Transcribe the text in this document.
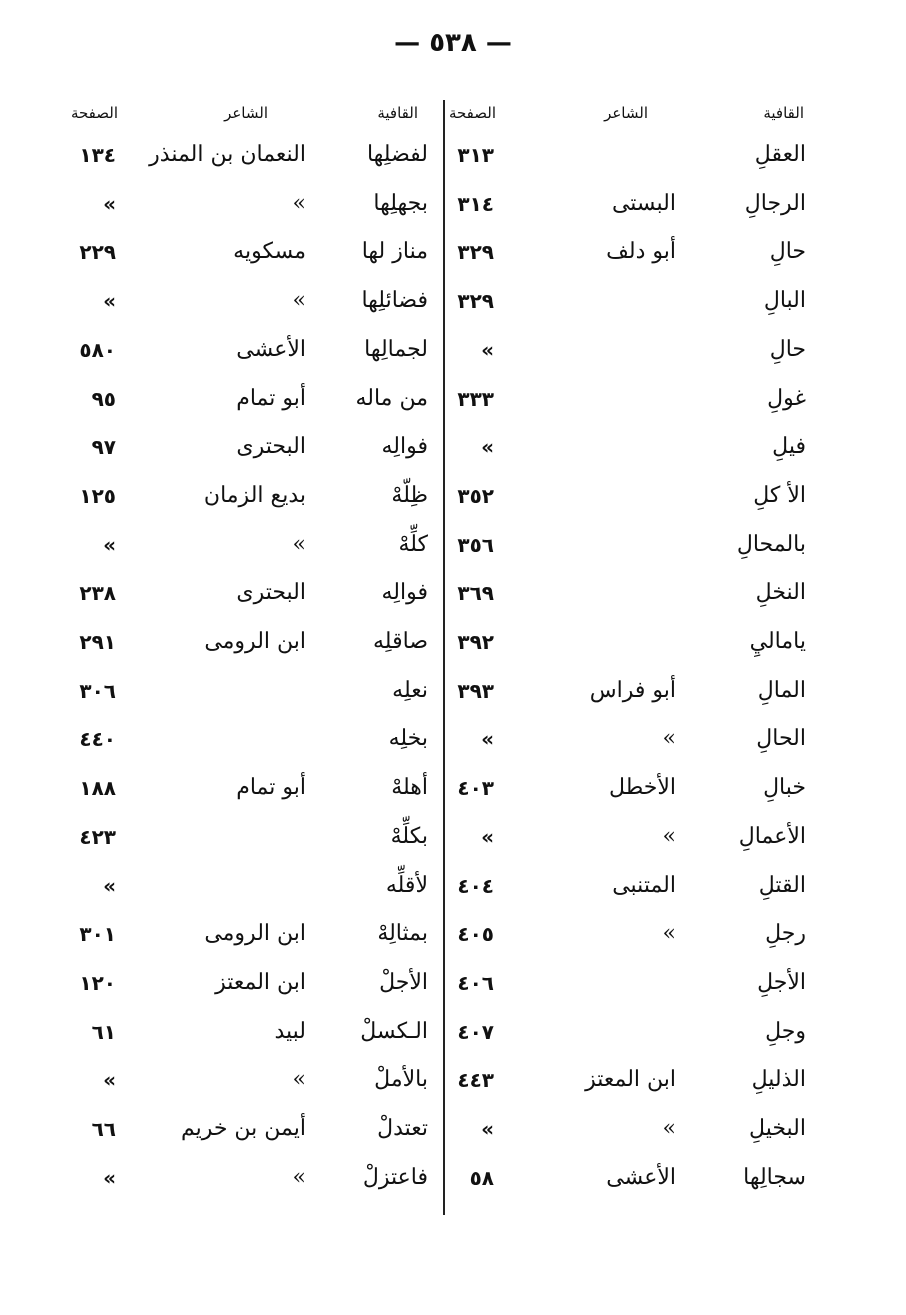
— ٥٣٨ —
القافية
الشاعر
الصفحة
القافية
الشاعر
الصفحة
العقلِ
٣١٣
الرجالِ
البستى
٣١٤
حالِ
أبو دلف
٣٢٩
البالِ
٣٢٩
حالِ
»
غولِ
٣٣٣
فيلِ
»
الأ كلِ
٣٥٢
بالمحالِ
٣٥٦
النخلِ
٣٦٩
ياماليِ
٣٩٢
المالِ
أبو فراس
٣٩٣
الحالِ
»
»
خبالِ
الأخطل
٤٠٣
الأعمالِ
»
»
القتلِ
المتنبى
٤٠٤
رجلِ
»
٤٠٥
الأجلِ
٤٠٦
وجلِ
٤٠٧
الذليلِ
ابن المعتز
٤٤٣
البخيلِ
»
»
سجالِها
الأعشى
٥٨
لفضلِها
النعمان بن المنذر
١٣٤
بجهلِها
»
»
مناز لها
مسكويه
٢٢٩
فضائلِها
»
»
لجمالِها
الأعشى
٥٨٠
من ماله
أبو تمام
٩٥
فوالِه
البحترى
٩٧
ظِلّهْ
بديع الزمان
١٢٥
كلِّهْ
»
»
فوالِه
البحترى
٢٣٨
صاقلِه
ابن الرومى
٢٩١
نعلِه
٣٠٦
بخلِه
٤٤٠
أهلهْ
أبو تمام
١٨٨
بكلِّهْ
٤٢٣
لأقلِّه
»
بمثالِهْ
ابن الرومى
٣٠١
الأجلْ
ابن المعتز
١٢٠
الـكسلْ
لبيد
٦١
بالأملْ
»
»
تعتدلْ
أيمن بن خريم
٦٦
فاعتزلْ
»
»
